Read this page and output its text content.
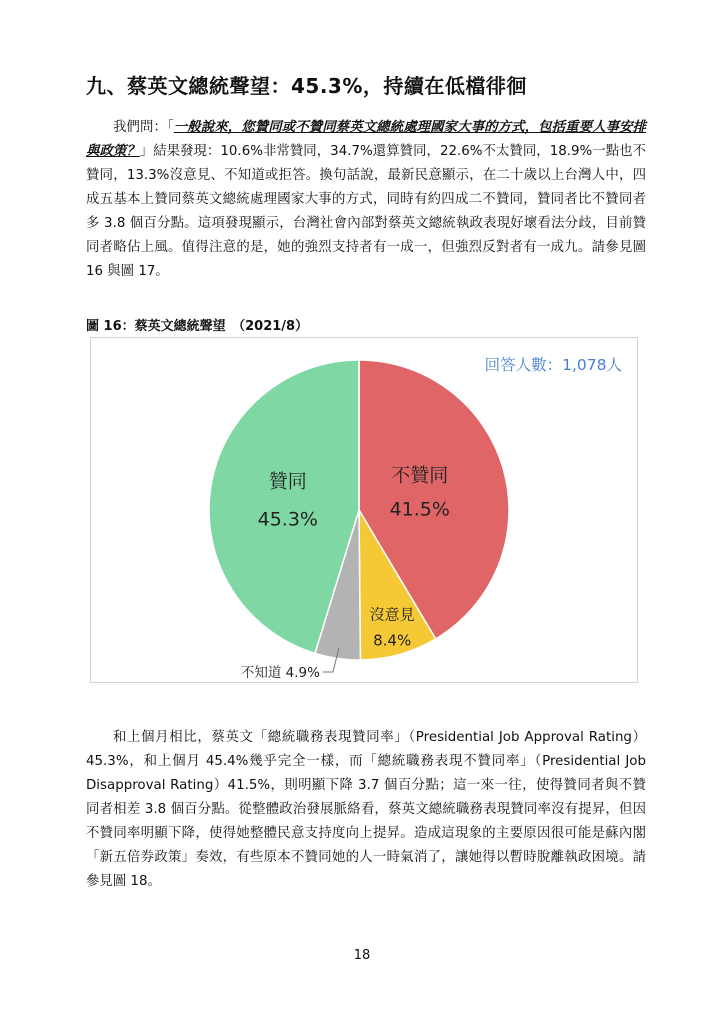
九、蔡英文總統聲望：45.3%，持續在低檔徘徊

我們問：「一般說來，您贊同或不贊同蔡英文總統處理國家大事的方式，包括重要人事安排與政策？」結果發現：10.6%非常贊同，34.7%還算贊同，22.6%不太贊同，18.9%一點也不贊同，13.3%沒意見、不知道或拒答。換句話說，最新民意顯示，在二十歲以上台灣人中，四成五基本上贊同蔡英文總統處理國家大事的方式，同時有約四成二不贊同，贊同者比不贊同者多 3.8 個百分點。這項發現顯示，台灣社會內部對蔡英文總統執政表現好壞看法分歧，目前贊同者略佔上風。值得注意的是，她的強烈支持者有一成一，但強烈反對者有一成九。請參見圖 16 與圖 17。

圖 16：蔡英文總統聲望　（2021/8）

不贊同
41.5%
沒意見
8.4%
不知道 4.9%
贊同
45.3%
回答人數：1,078人

和上個月相比，蔡英文「總統職務表現贊同率」（Presidential Job Approval Rating）45.3%，和上個月 45.4%幾乎完全一樣，而「總統職務表現不贊同率」（Presidential Job Disapproval Rating）41.5%，則明顯下降 3.7 個百分點；這一來一往，使得贊同者與不贊同者相差 3.8 個百分點。從整體政治發展脈絡看，蔡英文總統職務表現贊同率沒有提昇，但因不贊同率明顯下降，使得她整體民意支持度向上提昇。造成這現象的主要原因很可能是蘇內閣「新五倍券政策」奏效，有些原本不贊同她的人一時氣消了，讓她得以暫時脫離執政困境。請參見圖 18。

18
